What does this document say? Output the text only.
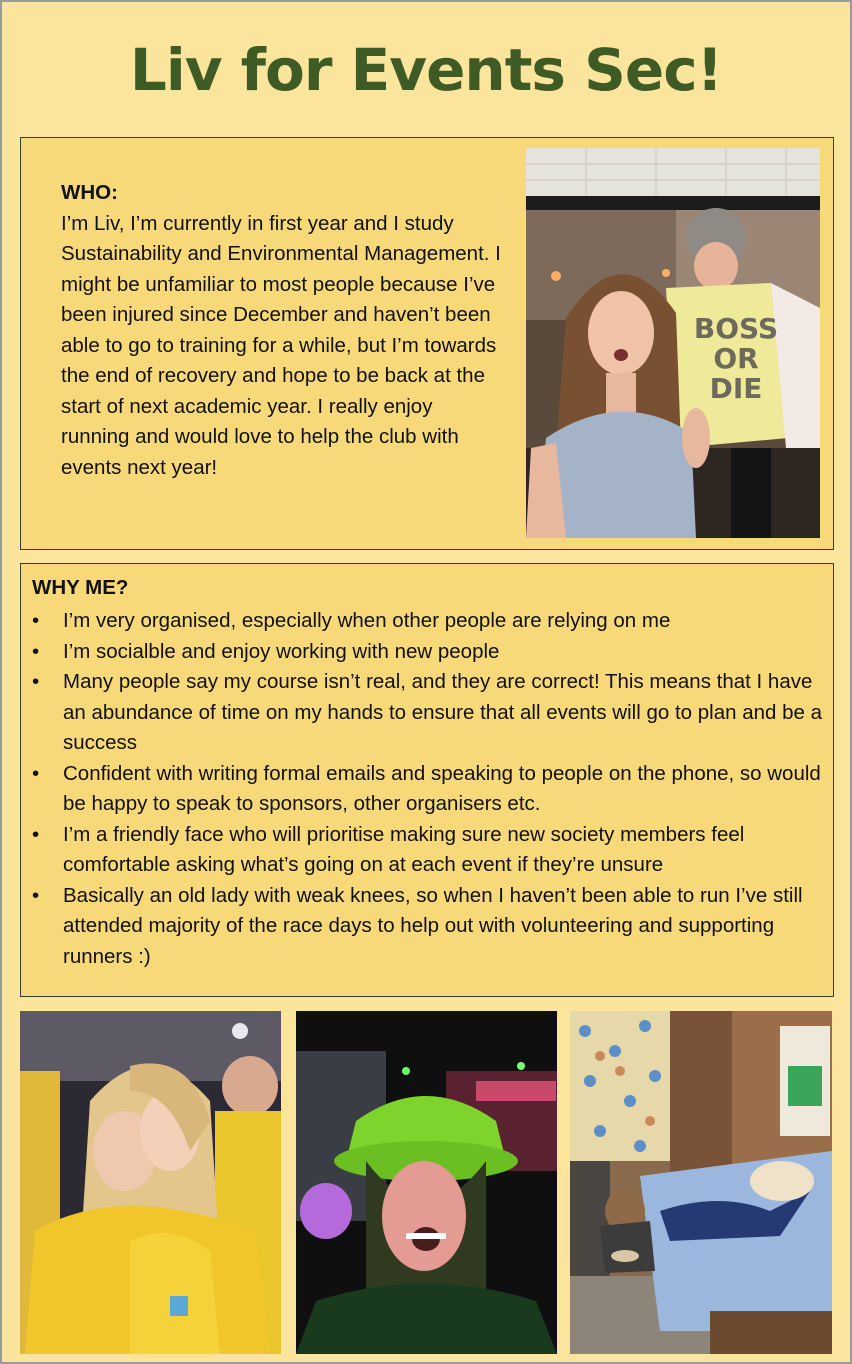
Liv for Events Sec!
WHO:
I’m Liv, I’m currently in first year and I study Sustainability and Environmental Management. I might be unfamiliar to most people because I’ve been injured since December and haven’t been able to go to training for a while, but I’m towards the end of recovery and hope to be back at the start of next academic year. I really enjoy running and would love to help the club with events next year!
BOSS
OR
DIE
WHY ME?
• I’m very organised, especially when other people are relying on me
• I’m socialble and enjoy working with new people
• Many people say my course isn’t real, and they are correct! This means that I have an abundance of time on my hands to ensure that all events will go to plan and be a success
• Confident with writing formal emails and speaking to people on the phone, so would be happy to speak to sponsors, other organisers etc.
• I’m a friendly face who will prioritise making sure new society members feel comfortable asking what’s going on at each event if they’re unsure
• Basically an old lady with weak knees, so when I haven’t been able to run I’ve still attended majority of the race days to help out with volunteering and supporting runners :)
